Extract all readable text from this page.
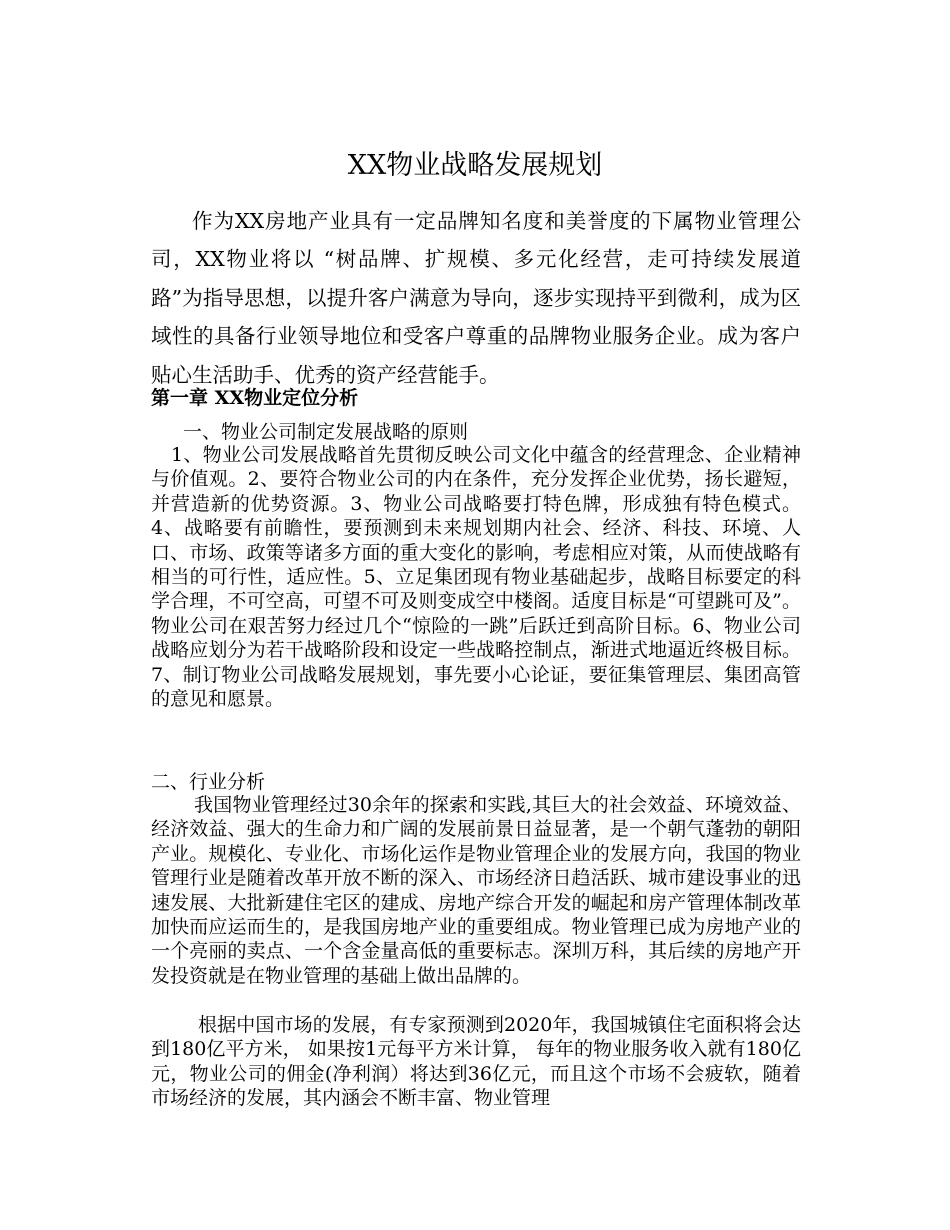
XX物业战略发展规划

作为XX房地产业具有一定品牌知名度和美誉度的下属物业管理公司，XX物业将以 “树品牌、扩规模、多元化经营，走可持续发展道路”为指导思想，以提升客户满意为导向，逐步实现持平到微利，成为区域性的具备行业领导地位和受客户尊重的品牌物业服务企业。成为客户贴心生活助手、优秀的资产经营能手。

第一章 XX物业定位分析
一、物业公司制定发展战略的原则

1、物业公司发展战略首先贯彻反映公司文化中蕴含的经营理念、企业精神与价值观。2、要符合物业公司的内在条件，充分发挥企业优势，扬长避短，并营造新的优势资源。3、物业公司战略要打特色牌，形成独有特色模式。4、战略要有前瞻性，要预测到未来规划期内社会、经济、科技、环境、人口、市场、政策等诸多方面的重大变化的影响，考虑相应对策，从而使战略有相当的可行性，适应性。5、立足集团现有物业基础起步，战略目标要定的科学合理，不可空高，可望不可及则变成空中楼阁。适度目标是“可望跳可及”。物业公司在艰苦努力经过几个“惊险的一跳”后跃迁到高阶目标。6、物业公司战略应划分为若干战略阶段和设定一些战略控制点，渐进式地逼近终极目标。7、制订物业公司战略发展规划，事先要小心论证，要征集管理层、集团高管的意见和愿景。

二、行业分析

我国物业管理经过30余年的探索和实践,其巨大的社会效益、环境效益、经济效益、强大的生命力和广阔的发展前景日益显著，是一个朝气蓬勃的朝阳产业。规模化、专业化、市场化运作是物业管理企业的发展方向，我国的物业管理行业是随着改革开放不断的深入、市场经济日趋活跃、城市建设事业的迅速发展、大批新建住宅区的建成、房地产综合开发的崛起和房产管理体制改革加快而应运而生的，是我国房地产业的重要组成。物业管理已成为房地产业的一个亮丽的卖点、一个含金量高低的重要标志。深圳万科，其后续的房地产开发投资就是在物业管理的基础上做出品牌的。

根据中国市场的发展，有专家预测到2020年，我国城镇住宅面积将会达到180亿平方米， 如果按1元每平方米计算， 每年的物业服务收入就有180亿元，物业公司的佣金(净利润）将达到36亿元，而且这个市场不会疲软，随着市场经济的发展，其内涵会不断丰富、物业管理
